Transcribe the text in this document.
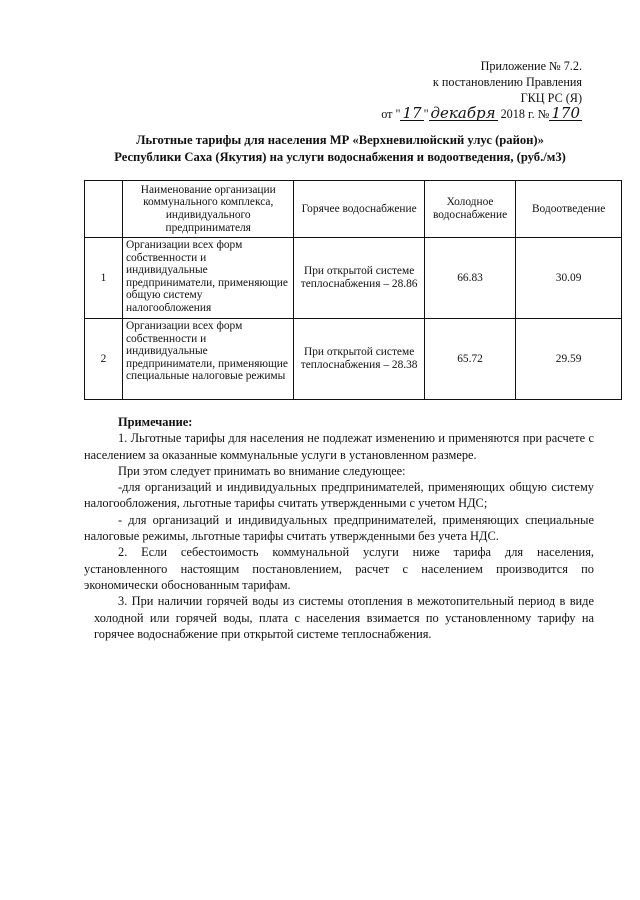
Приложение № 7.2.
к постановлению Правления
ГКЦ РС (Я)
от " 17 " декабря 2018 г. № 170
Льготные тарифы для населения МР «Верхневилюйский улус (район)»
Республики Саха (Якутия) на услуги водоснабжения и водоотведения, (руб./м3)
	Наименование организации коммунального комплекса, индивидуального предпринимателя	Горячее водоснабжение	Холодное водоснабжение	Водоотведение
1	Организации всех форм собственности и индивидуальные предприниматели, применяющие общую систему налогообложения	При открытой системе теплоснабжения – 28.86	66.83	30.09
2	Организации всех форм собственности и индивидуальные предприниматели, применяющие специальные налоговые режимы	При открытой системе теплоснабжения – 28.38	65.72	29.59
Примечание:

1. Льготные тарифы для населения не подлежат изменению и применяются при расчете с населением за оказанные коммунальные услуги в установленном размере.

При этом следует принимать во внимание следующее:

-для организаций и индивидуальных предпринимателей, применяющих общую систему налогообложения, льготные тарифы считать утвержденными с учетом НДС;

- для организаций и индивидуальных предпринимателей, применяющих специальные налоговые режимы, льготные тарифы считать утвержденными без учета НДС.

2. Если себестоимость коммунальной услуги ниже тарифа для населения, установленного настоящим постановлением, расчет с населением производится по экономически обоснованным тарифам.

3. При наличии горячей воды из системы отопления в межотопительный период в виде холодной или горячей воды, плата с населения взимается по установленному тарифу на горячее водоснабжение при открытой системе теплоснабжения.
